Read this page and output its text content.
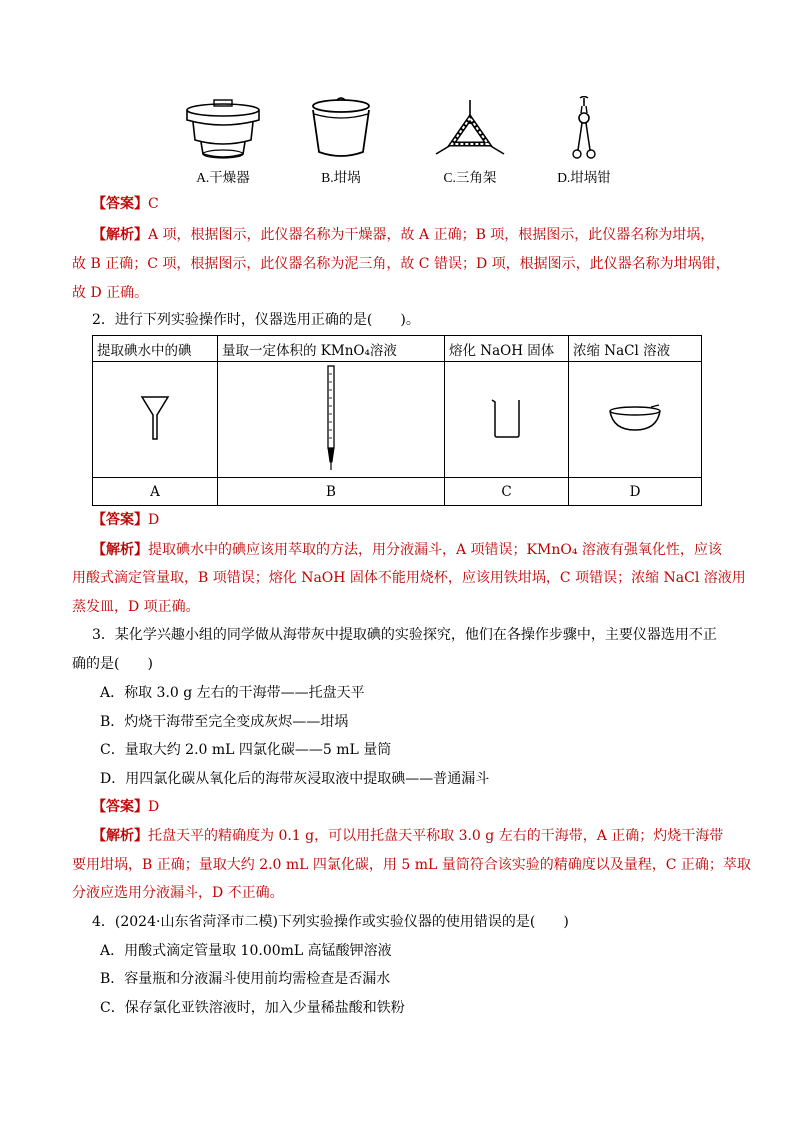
A.干燥器	B.坩埚	C.三角架	D.坩埚钳
【答案】C
【解析】A 项，根据图示，此仪器名称为干燥器，故 A 正确；B 项，根据图示，此仪器名称为坩埚，
故 B 正确；C 项，根据图示，此仪器名称为泥三角，故 C 错误；D 项，根据图示，此仪器名称为坩埚钳，
故 D 正确。
2．进行下列实验操作时，仪器选用正确的是(　　)。
提取碘水中的碘	量取一定体积的 KMnO₄溶液	熔化 NaOH 固体	浓缩 NaCl 溶液

A	B	C	D
【答案】D
【解析】提取碘水中的碘应该用萃取的方法，用分液漏斗，A 项错误；KMnO₄ 溶液有强氧化性，应该
用酸式滴定管量取，B 项错误；熔化 NaOH 固体不能用烧杯，应该用铁坩埚，C 项错误；浓缩 NaCl 溶液用
蒸发皿，D 项正确。
3．某化学兴趣小组的同学做从海带灰中提取碘的实验探究，他们在各操作步骤中，主要仪器选用不正
确的是(　　)
A．称取 3.0 g 左右的干海带——托盘天平
B．灼烧干海带至完全变成灰烬——坩埚
C．量取大约 2.0 mL 四氯化碳——5 mL 量筒
D．用四氯化碳从氧化后的海带灰浸取液中提取碘——普通漏斗
【答案】D
【解析】托盘天平的精确度为 0.1 g，可以用托盘天平称取 3.0 g 左右的干海带，A 正确；灼烧干海带
要用坩埚，B 正确；量取大约 2.0 mL 四氯化碳，用 5 mL 量筒符合该实验的精确度以及量程，C 正确；萃取
分液应选用分液漏斗，D 不正确。
4．(2024·山东省菏泽市二模)下列实验操作或实验仪器的使用错误的是(　　)
A．用酸式滴定管量取 10.00mL 高锰酸钾溶液
B．容量瓶和分液漏斗使用前均需检查是否漏水
C．保存氯化亚铁溶液时，加入少量稀盐酸和铁粉
